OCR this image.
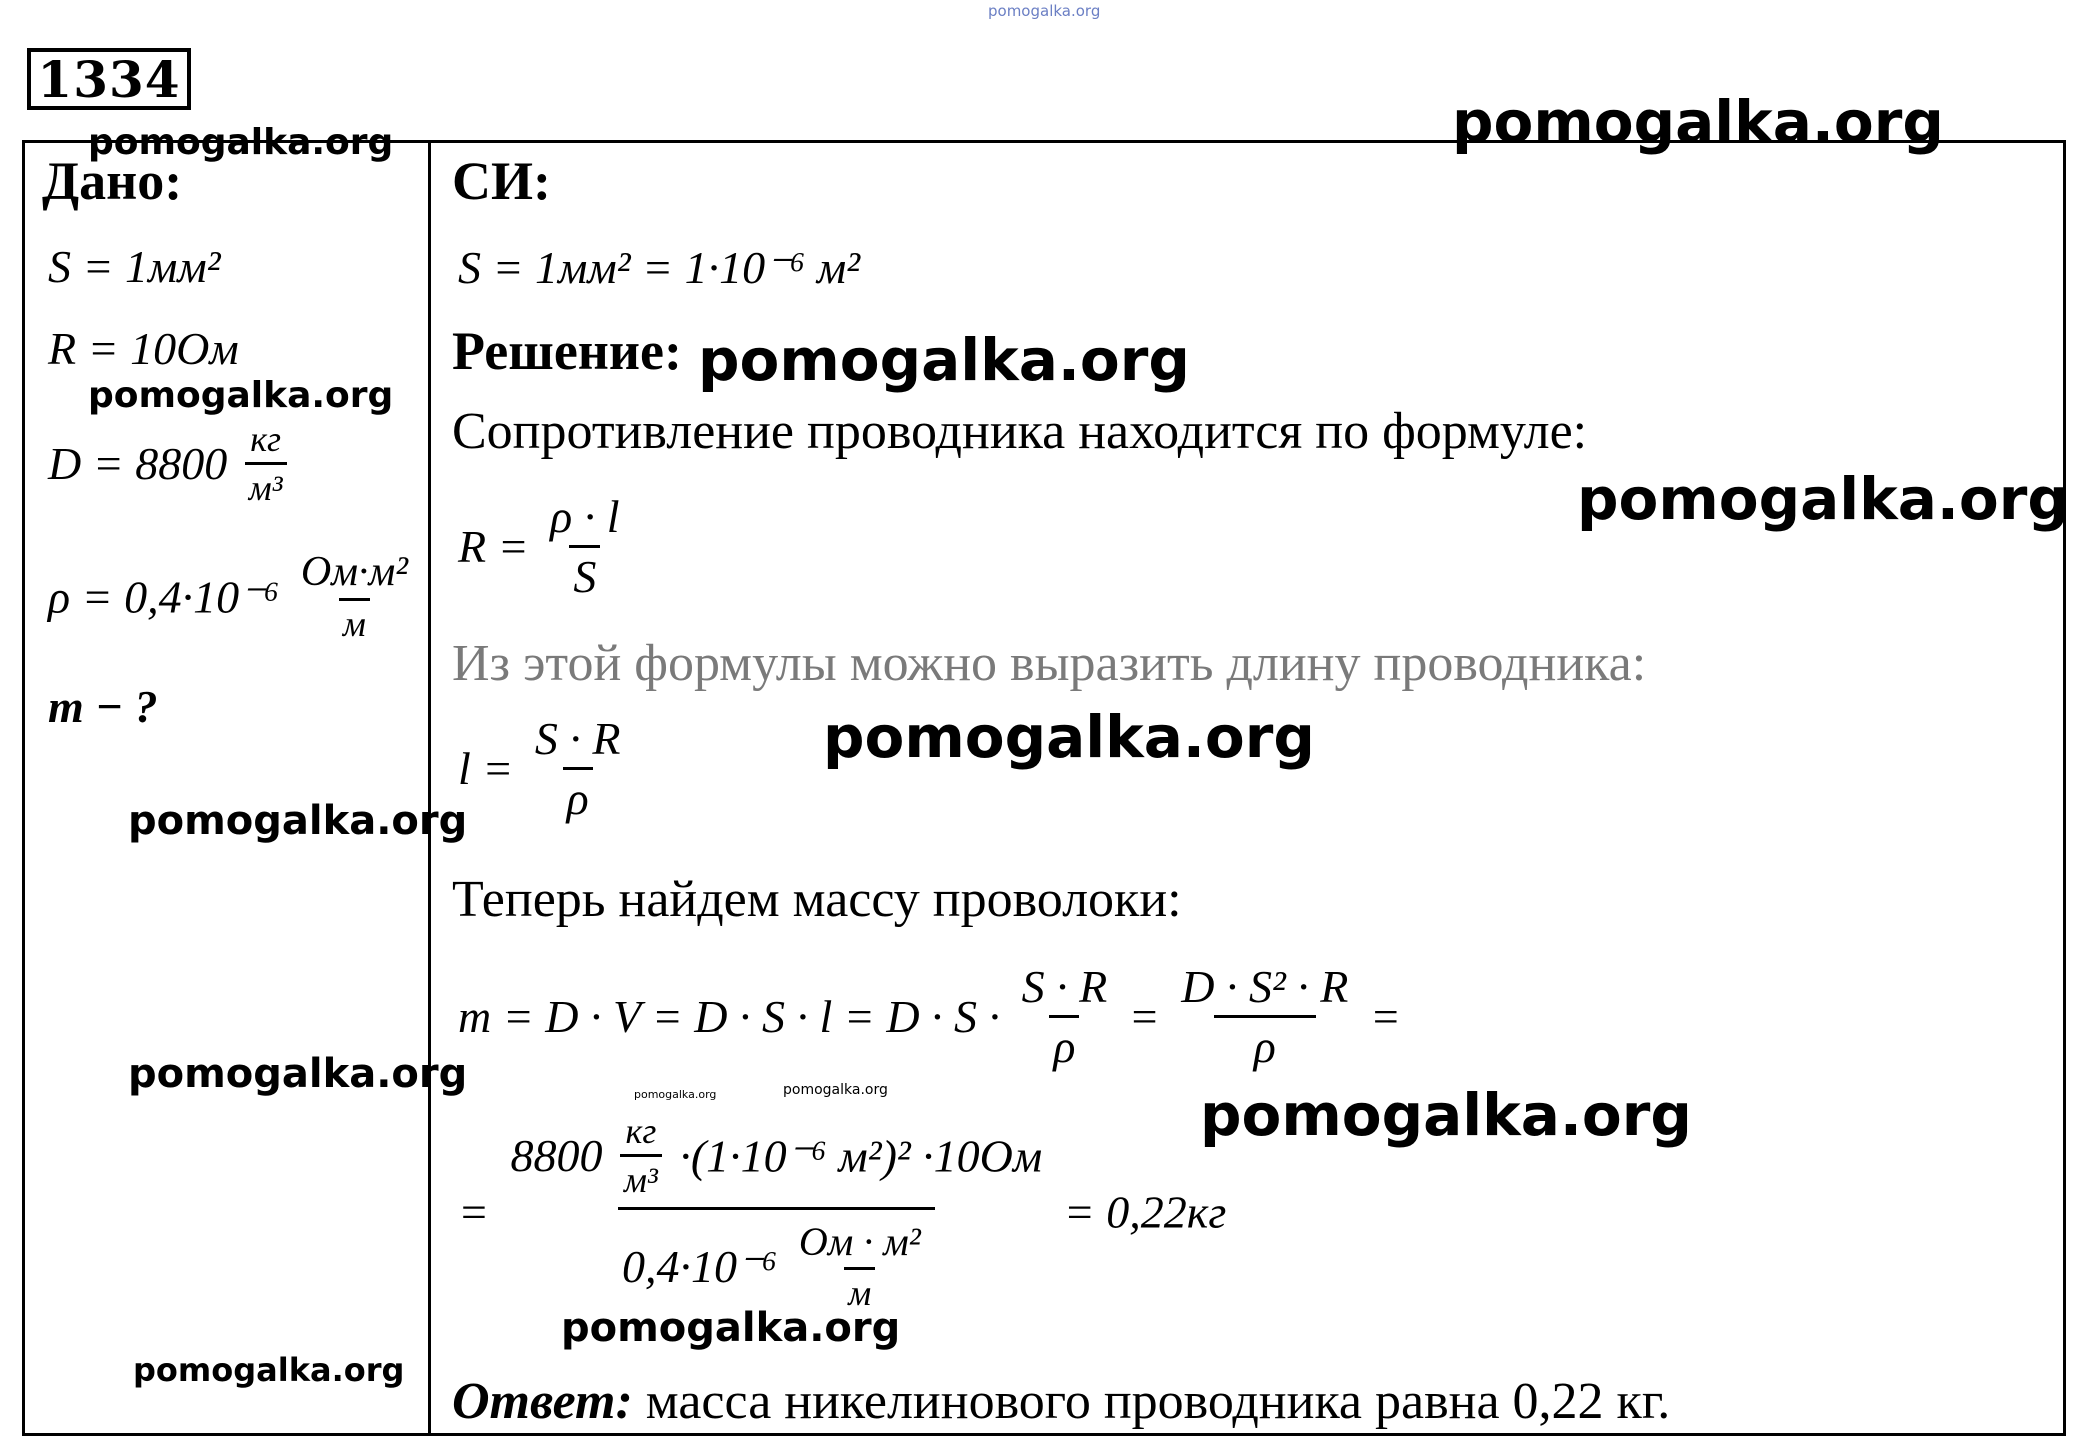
pomogalka.org
1334
pomogalka.org
pomogalka.org
pomogalka.org
pomogalka.org
pomogalka.org
pomogalka.org
pomogalka.org
pomogalka.org
pomogalka.org
pomogalka.org
pomogalka.org
pomogalka.org	pomogalka.org
Дано:
S = 1мм²
R = 10Ом
$D = 8800 \frac{кг}{\text{м³}}$
$\rho = 0,4\cdot 10^{-6} \frac{\text{Ом·м²}}{м}$
m − ?
СИ:
S = 1мм² = 1·10⁻⁶ м²
Решение:
Сопротивление проводника находится по формуле:
$R = \frac{\rho \cdot l}{S}$
Из этой формулы можно выразить длину проводника:
$l = \frac{S \cdot R}{\rho}$
Теперь найдем массу проволоки:
$m = D \cdot V = D \cdot S \cdot l = D \cdot S \cdot \frac{S \cdot R}{\rho} = \frac{\text{D · S² · R}}{\rho}$ =
=
$8800 \frac{кг}{\text{м³}} \cdot(1\cdot 10^{-6}$ м²)² ·10Ом
$0,4\cdot 10^{-6} \frac{\text{Ом · м²}}{м}$
= 0,22кг
Ответ: масса никелинового проводника равна 0,22 кг.
